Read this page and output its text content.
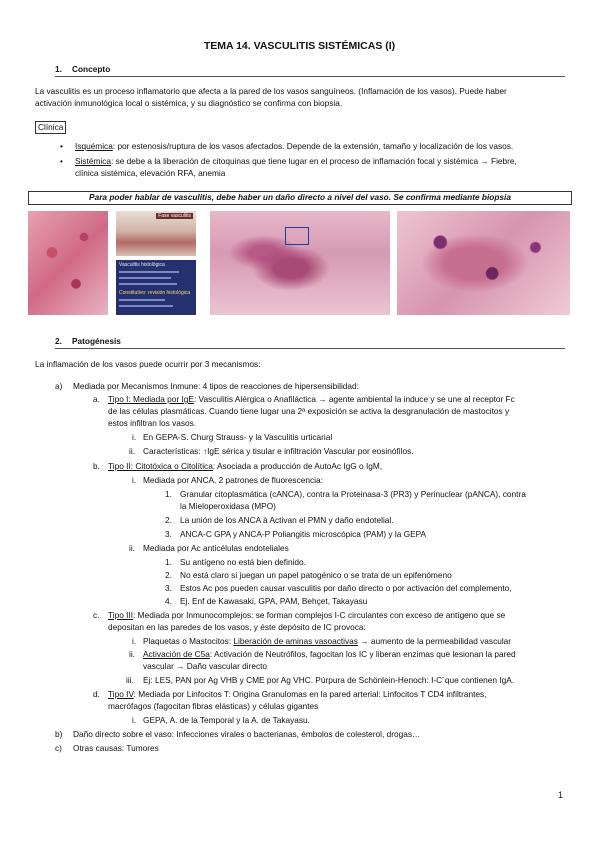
TEMA 14. VASCULITIS SISTÉMICAS (I)
1. Concepto
La vasculitis es un proceso inflamatorio que afecta a la pared de los vasos sanguíneos. (Inflamación de los vasos). Puede haber
activación inmunológica local o sistémica, y su diagnóstico se confirma con biopsia.
Clínica
• Isquémica: por estenosis/ruptura de los vasos afectados. Depende de la extensión, tamaño y localización de los vasos.
• Sistémica: se debe a la liberación de citoquinas que tiene lugar en el proceso de inflamación focal y sistémica → Fiebre,
clínica sistémica, elevación RFA, anemia
Para poder hablar de vasculitis, debe haber un daño directo a nivel del vaso. Se confirma mediante biopsia
Fase vasculitis
Vasculitis histológica
Constitutivo: revisión histológica
2. Patogénesis
La inflamación de los vasos puede ocurrir por 3 mecanismos:
a) Mediada por Mecanismos Inmune: 4 tipos de reacciones de hipersensibilidad:
a. Tipo I: Mediada por IgE: Vasculitis Alérgica o Anafiláctica → agente ambiental la induce y se une al receptor Fc
de las células plasmáticas. Cuando tiene lugar una 2ª exposición se activa la desgranulación de mastocitos y
estos infiltran los vasos.
i. En GEPA-S. Churg Strauss- y la Vasculitis urticarial
ii. Características: ↑IgE sérica y tisular e infiltración Vascular por eosinófilos.
b. Tipo II: Citotóxica o Citolítica: Asociada a producción de AutoAc IgG o IgM,
i. Mediada por ANCA. 2 patrones de fluorescencia:
1. Granular citoplasmática (cANCA), contra la Proteinasa-3 (PR3) y Perinuclear (pANCA), contra
la Mieloperoxidasa (MPO)
2. La unión de los ANCA à Activan el PMN y daño endotelial.
3. ANCA-C GPA y ANCA-P Poliangitis microscópica (PAM) y la GEPA
ii. Mediada por Ac anticélulas endoteliales
1. Su antígeno no está bien definido.
2. No está claro si juegan un papel patogénico o se trata de un epifenómeno
3. Estos Ac pos pueden causar vasculitis por daño directo o por activación del complemento,
4. Ej. Enf de Kawasaki, GPA, PAM, Behçet, Takayasu
c. Tipo III: Mediada por Inmunocomplejos: se forman complejos I-C circulantes con exceso de antígeno que se
depositan en las paredes de los vasos, y éste depósito de IC provoca:
i. Plaquetas o Mastocitos: Liberación de aminas vasoactivas → aumento de la permeabilidad vascular
ii. Activación de C5a: Activación de Neutrófilos, fagocitan los IC y liberan enzimas que lesionan la pared
vascular → Daño vascular directo
iii. Ej: LES, PAN por Ag VHB y CME por Ag VHC. Púrpura de Schönlein-Henoch: I-C´que contienen IgA.
d. Tipo IV: Mediada por Linfocitos T: Origina Granulomas en la pared arterial: Linfocitos T CD4 infiltrantes,
macrófagos (fagocitan fibras elásticas) y células gigantes
i. GEPA, A. de la Temporal y la A. de Takayasu.
b) Daño directo sobre el vaso: Infecciones virales o bacterianas, émbolos de colesterol, drogas…
c) Otras causas: Tumores
1
